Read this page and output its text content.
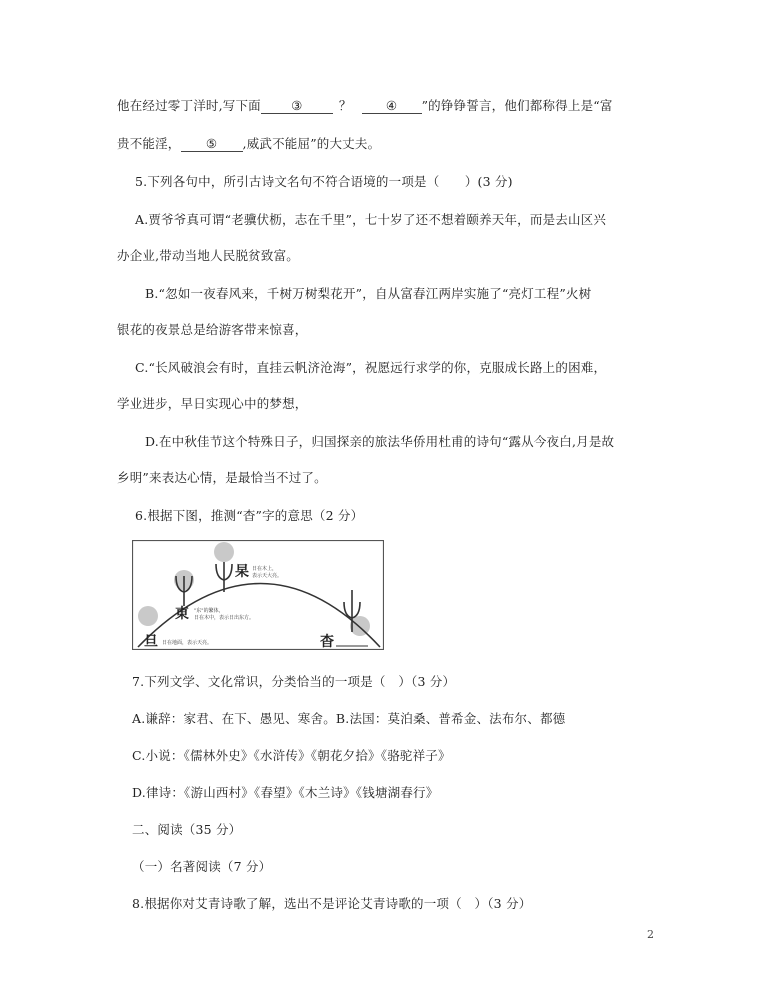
他在经过零丁洋时,写下面 ③	？	④ ”的铮铮誓言，他们都称得上是“富
贵不能淫， ⑤ ,威武不能屈”的大丈夫。
5.下列各句中，所引古诗文名句不符合语境的一项是（　　）(3 分)
A.贾爷爷真可谓“老骥伏枥，志在千里”，七十岁了还不想着颐养天年，而是去山区兴
办企业,带动当地人民脱贫致富。
B.“忽如一夜春风来，千树万树梨花开”，自从富春江两岸实施了“亮灯工程”火树
银花的夜景总是给游客带来惊喜，
C.“长风破浪会有时，直挂云帆济沧海”，祝愿远行求学的你，克服成长路上的困难，
学业进步，早日实现心中的梦想，
D.在中秋佳节这个特殊日子，归国探亲的旅法华侨用杜甫的诗句“露从今夜白,月是故
乡明”来表达心情，是最恰当不过了。
6.根据下图，推测“杳”字的意思（2 分）
杲 日在木上，
表示天大亮。
東 "东"的繁体，
日在木中，表示日出东方。
旦 日在地面，表示天亮。	杳
7.下列文学、文化常识，分类恰当的一项是（　）（3 分）
A.谦辞：家君、在下、愚见、寒舍。B.法国：莫泊桑、普希金、法布尔、都德
C.小说：《儒林外史》《水浒传》《朝花夕拾》《骆驼祥子》
D.律诗：《游山西村》《春望》《木兰诗》《钱塘湖春行》
二、阅读（35 分）
（一）名著阅读（7 分）
8.根据你对艾青诗歌了解，选出不是评论艾青诗歌的一项（　）（3 分）
2
